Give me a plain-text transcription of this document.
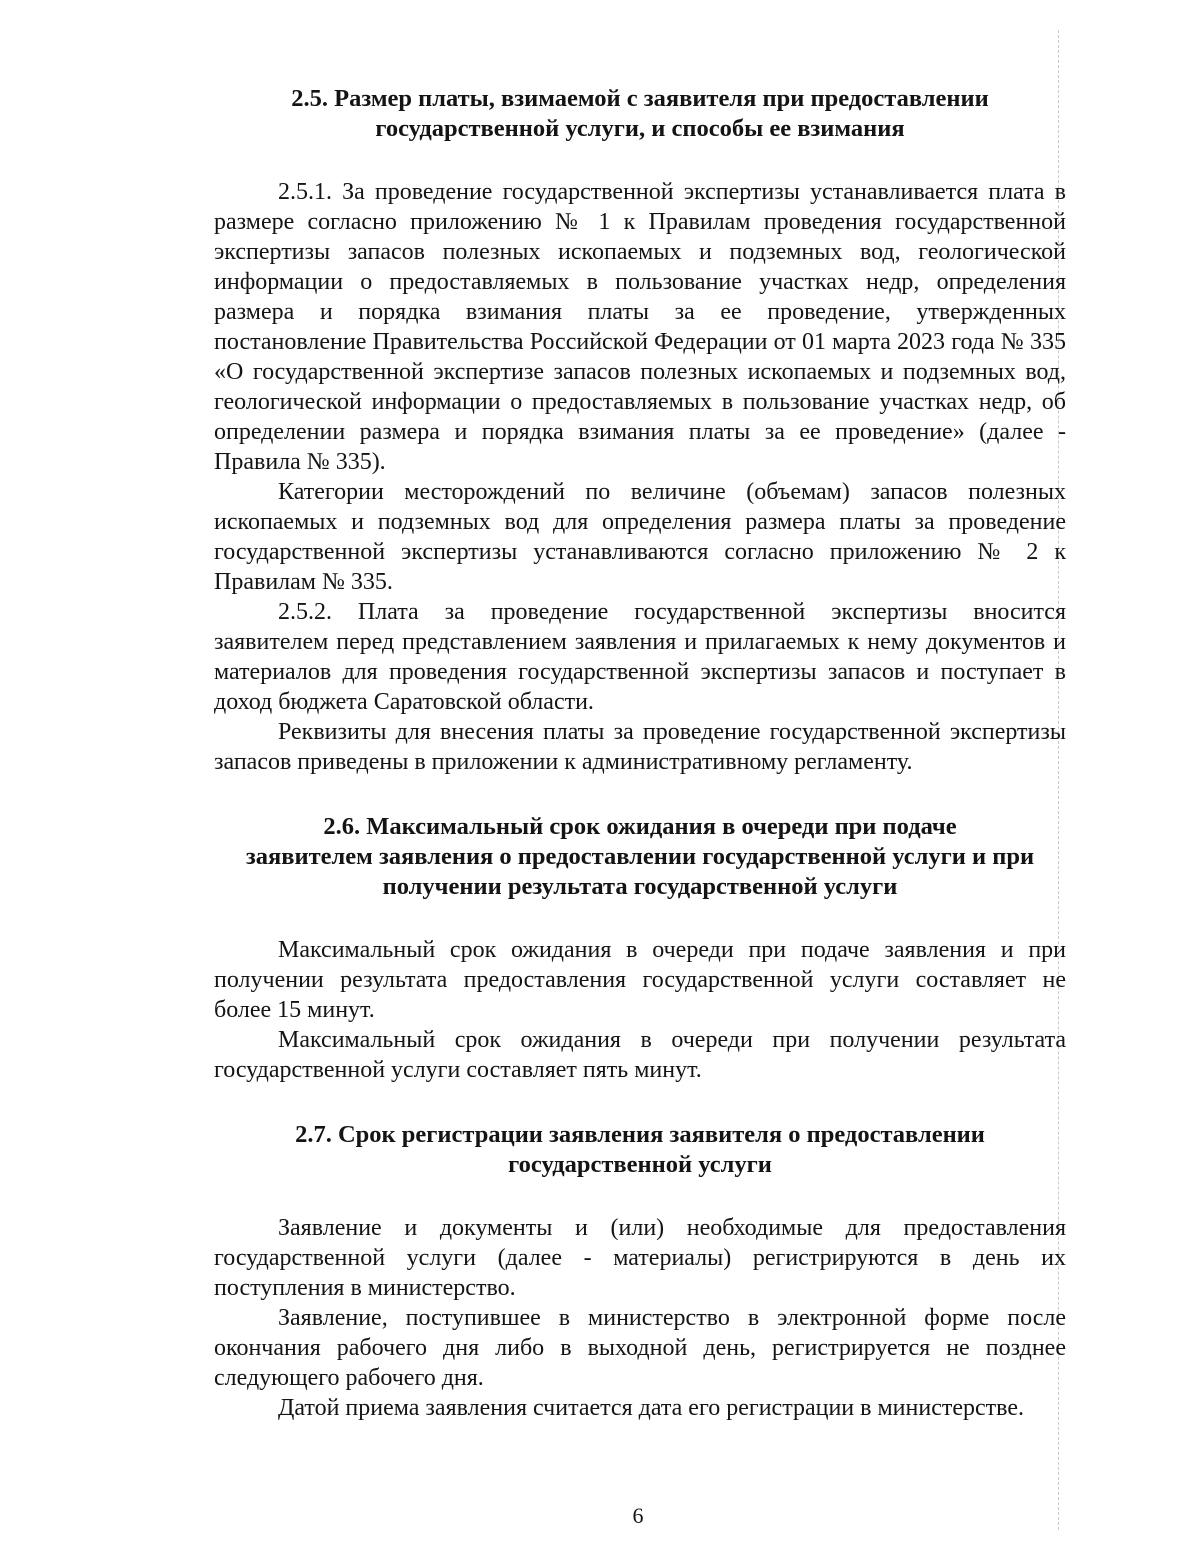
2.5. Размер платы, взимаемой с заявителя при предоставлении
государственной услуги, и способы ее взимания

2.5.1. За проведение государственной экспертизы устанавливается плата в размере согласно приложению № 1 к Правилам проведения государственной экспертизы запасов полезных ископаемых и подземных вод, геологической информации о предоставляемых в пользование участках недр, определения размера и порядка взимания платы за ее проведение, утвержденных постановление Правительства Российской Федерации от 01 марта 2023 года № 335 «О государственной экспертизе запасов полезных ископаемых и подземных вод, геологической информации о предоставляемых в пользование участках недр, об определении размера и порядка взимания платы за ее проведение» (далее - Правила № 335).

Категории месторождений по величине (объемам) запасов полезных ископаемых и подземных вод для определения размера платы за проведение государственной экспертизы устанавливаются согласно приложению № 2 к Правилам № 335.

2.5.2. Плата за проведение государственной экспертизы вносится заявителем перед представлением заявления и прилагаемых к нему документов и материалов для проведения государственной экспертизы запасов и поступает в доход бюджета Саратовской области.

Реквизиты для внесения платы за проведение государственной экспертизы запасов приведены в приложении к административному регламенту.

2.6. Максимальный срок ожидания в очереди при подаче
заявителем заявления о предоставлении государственной услуги и при
получении результата государственной услуги

Максимальный срок ожидания в очереди при подаче заявления и при получении результата предоставления государственной услуги составляет не более 15 минут.

Максимальный срок ожидания в очереди при получении результата государственной услуги составляет пять минут.

2.7. Срок регистрации заявления заявителя о предоставлении
государственной услуги

Заявление и документы и (или) необходимые для предоставления государственной услуги (далее - материалы) регистрируются в день их поступления в министерство.

Заявление, поступившее в министерство в электронной форме после окончания рабочего дня либо в выходной день, регистрируется не позднее следующего рабочего дня.

Датой приема заявления считается дата его регистрации в министерстве.

6
